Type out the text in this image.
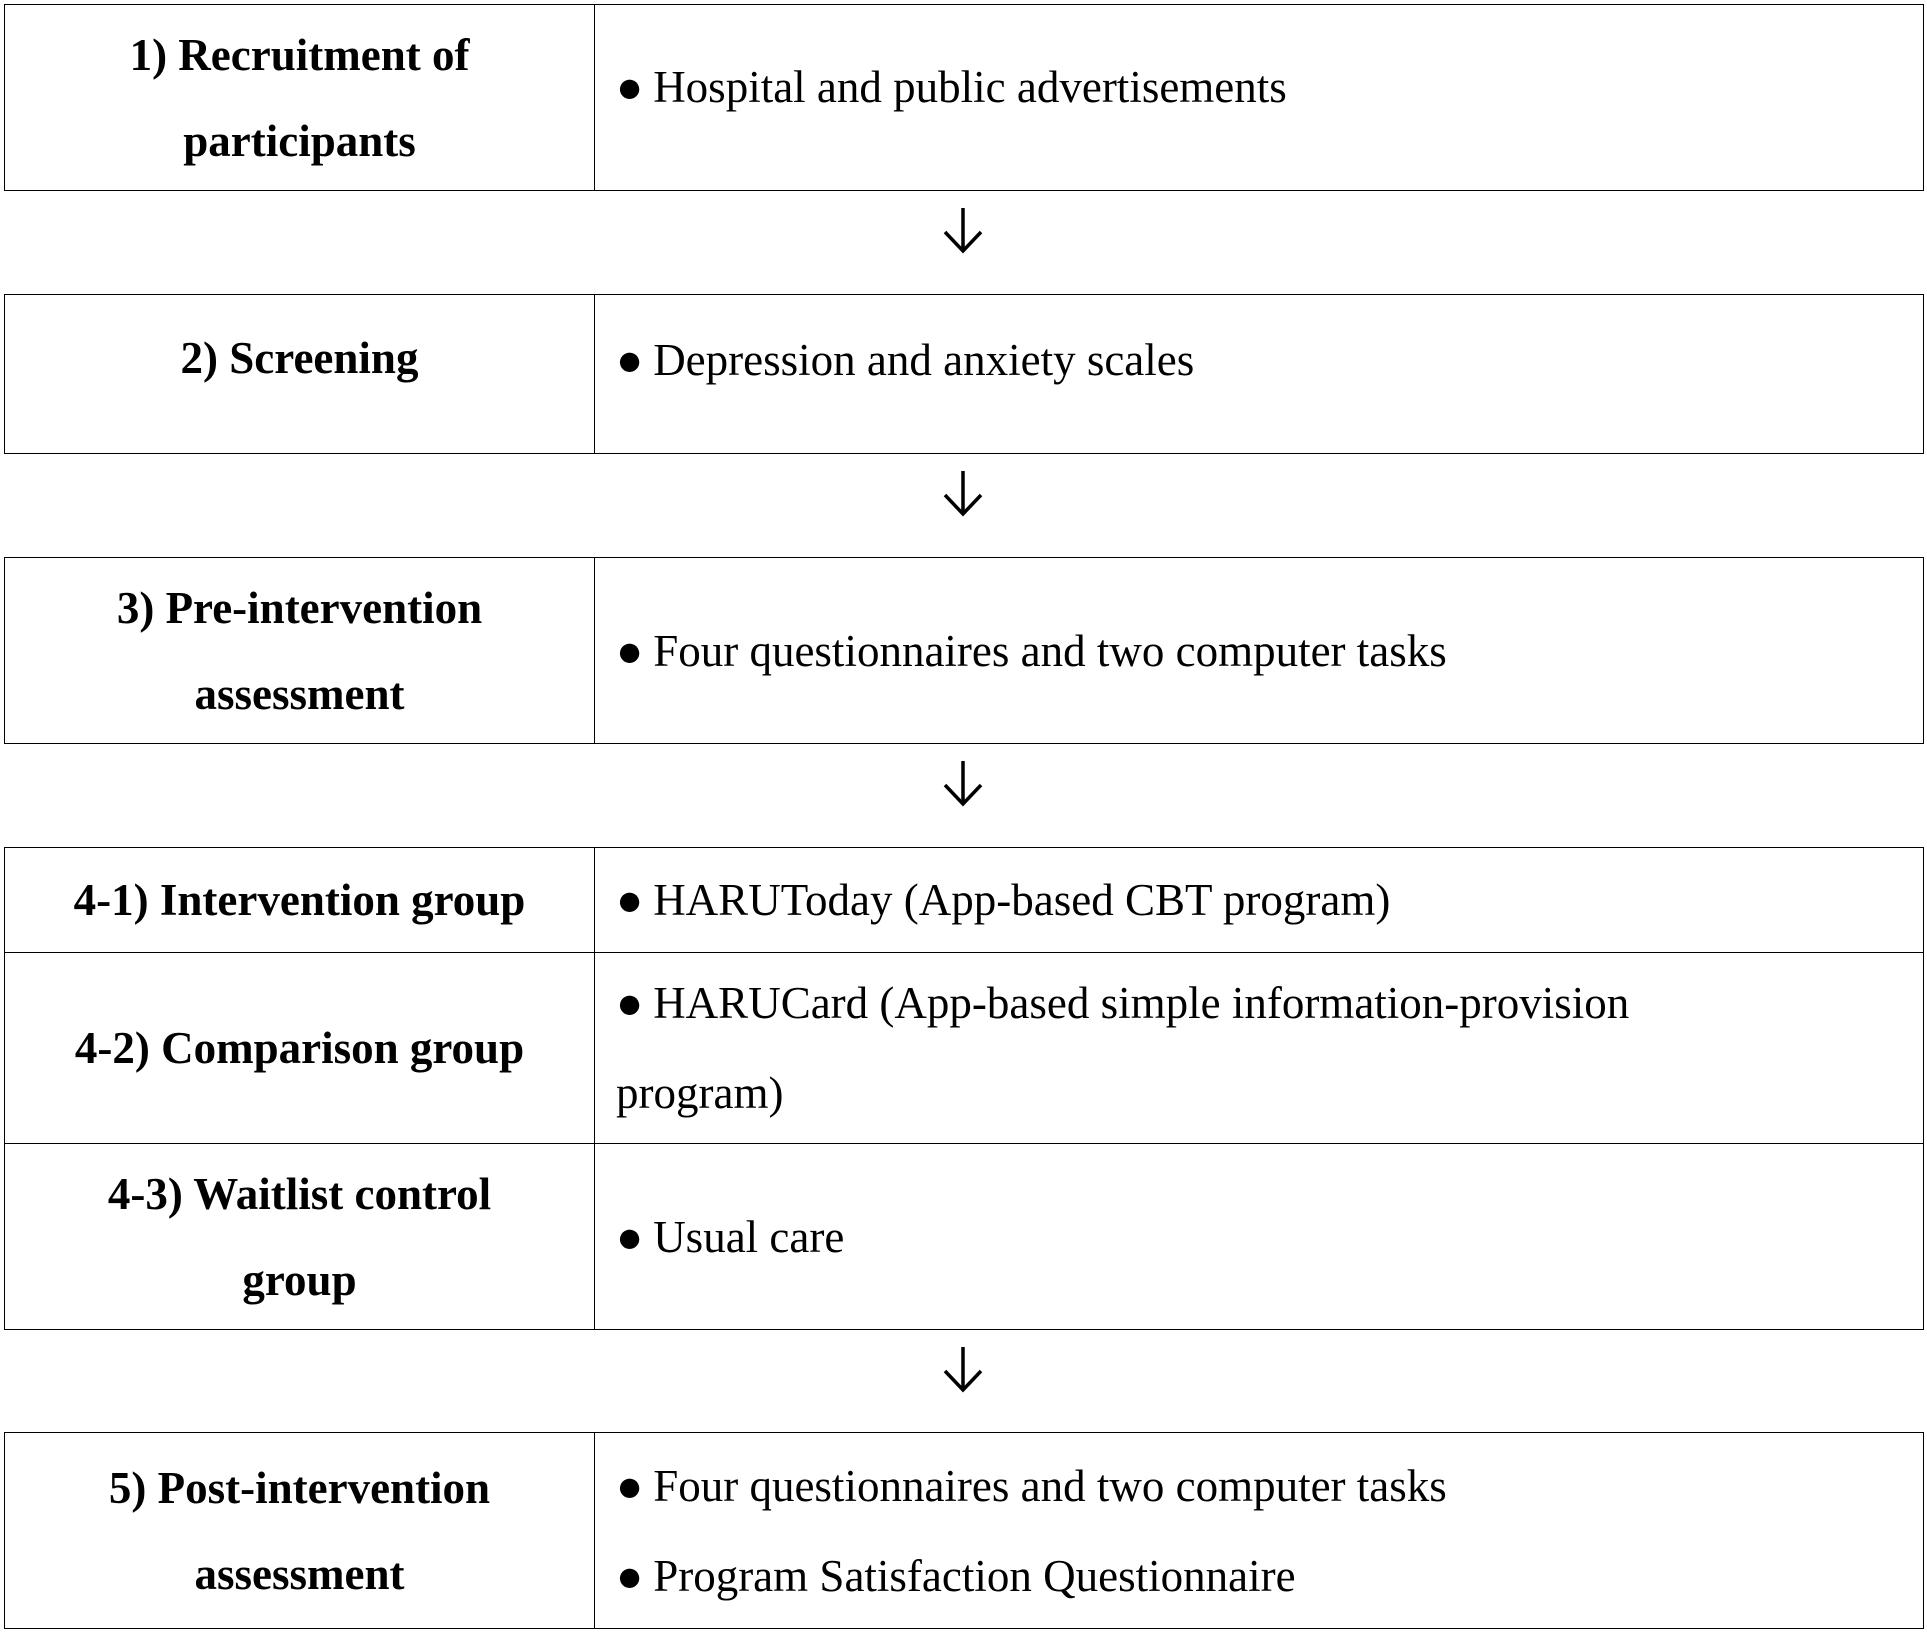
1) Recruitment of participants
● Hospital and public advertisements
2) Screening	● Depression and anxiety scales
3) Pre-intervention assessment
● Four questionnaires and two computer tasks
4-1) Intervention group ● HARUToday (App-based CBT program)
4-2) Comparison group
● HARUCard (App-based simple information-provision program)
4-3) Waitlist control group
● Usual care
5) Post-intervention assessment
● Four questionnaires and two computer tasks
● Program Satisfaction Questionnaire
